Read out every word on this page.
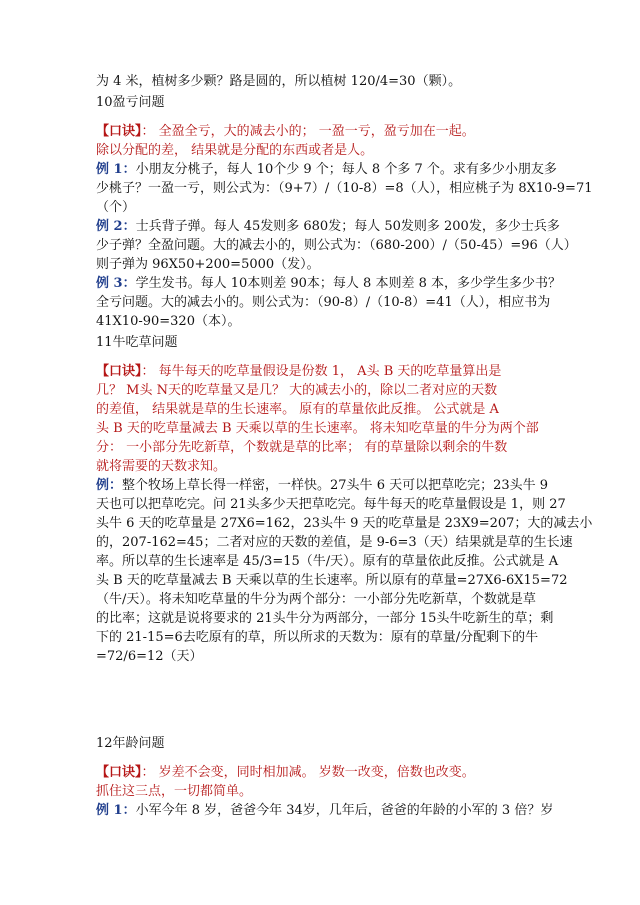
为 4 米，植树多少颗？路是圆的，所以植树 120/4=30（颗）。
10盈亏问题
【口诀】： 全盈全亏，大的减去小的； 一盈一亏，盈亏加在一起。
除以分配的差， 结果就是分配的东西或者是人。
例 1：小朋友分桃子，每人 10个少 9 个；每人 8 个多 7 个。求有多少小朋友多
少桃子？一盈一亏，则公式为：（9+7）/（10-8）=8（人），相应桃子为 8X10-9=71
（个）
例 2：士兵背子弹。每人 45发则多 680发；每人 50发则多 200发，多少士兵多
少子弹？全盈问题。大的减去小的，则公式为：（680-200）/（50-45）=96（人）
则子弹为 96X50+200=5000（发）。
例 3：学生发书。每人 10本则差 90本；每人 8 本则差 8 本，多少学生多少书？
全亏问题。大的减去小的。则公式为：（90-8）/（10-8）=41（人），相应书为
41X10-90=320（本）。
11牛吃草问题
【口诀】： 每牛每天的吃草量假设是份数 1， A头 B 天的吃草量算出是
几？ M头 N天的吃草量又是几？ 大的减去小的，除以二者对应的天数
的差值， 结果就是草的生长速率。 原有的草量依此反推。 公式就是 A
头 B 天的吃草量减去 B 天乘以草的生长速率。 将未知吃草量的牛分为两个部
分： 一小部分先吃新草，个数就是草的比率； 有的草量除以剩余的牛数
就将需要的天数求知。
例：整个牧场上草长得一样密，一样快。27头牛 6 天可以把草吃完；23头牛 9
天也可以把草吃完。问 21头多少天把草吃完。每牛每天的吃草量假设是 1，则 27
头牛 6 天的吃草量是 27X6=162，23头牛 9 天的吃草量是 23X9=207；大的减去小
的，207-162=45；二者对应的天数的差值，是 9-6=3（天）结果就是草的生长速
率。所以草的生长速率是 45/3=15（牛/天）。原有的草量依此反推。公式就是 A
头 B 天的吃草量减去 B 天乘以草的生长速率。所以原有的草量=27X6-6X15=72
（牛/天）。将未知吃草量的牛分为两个部分：一小部分先吃新草，个数就是草
的比率；这就是说将要求的 21头牛分为两部分，一部分 15头牛吃新生的草；剩
下的 21-15=6去吃原有的草，所以所求的天数为：原有的草量/分配剩下的牛
=72/6=12（天）
12年龄问题
【口诀】： 岁差不会变，同时相加减。 岁数一改变，倍数也改变。
抓住这三点，一切都简单。
例 1：小军今年 8 岁，爸爸今年 34岁，几年后，爸爸的年龄的小军的 3 倍？岁
